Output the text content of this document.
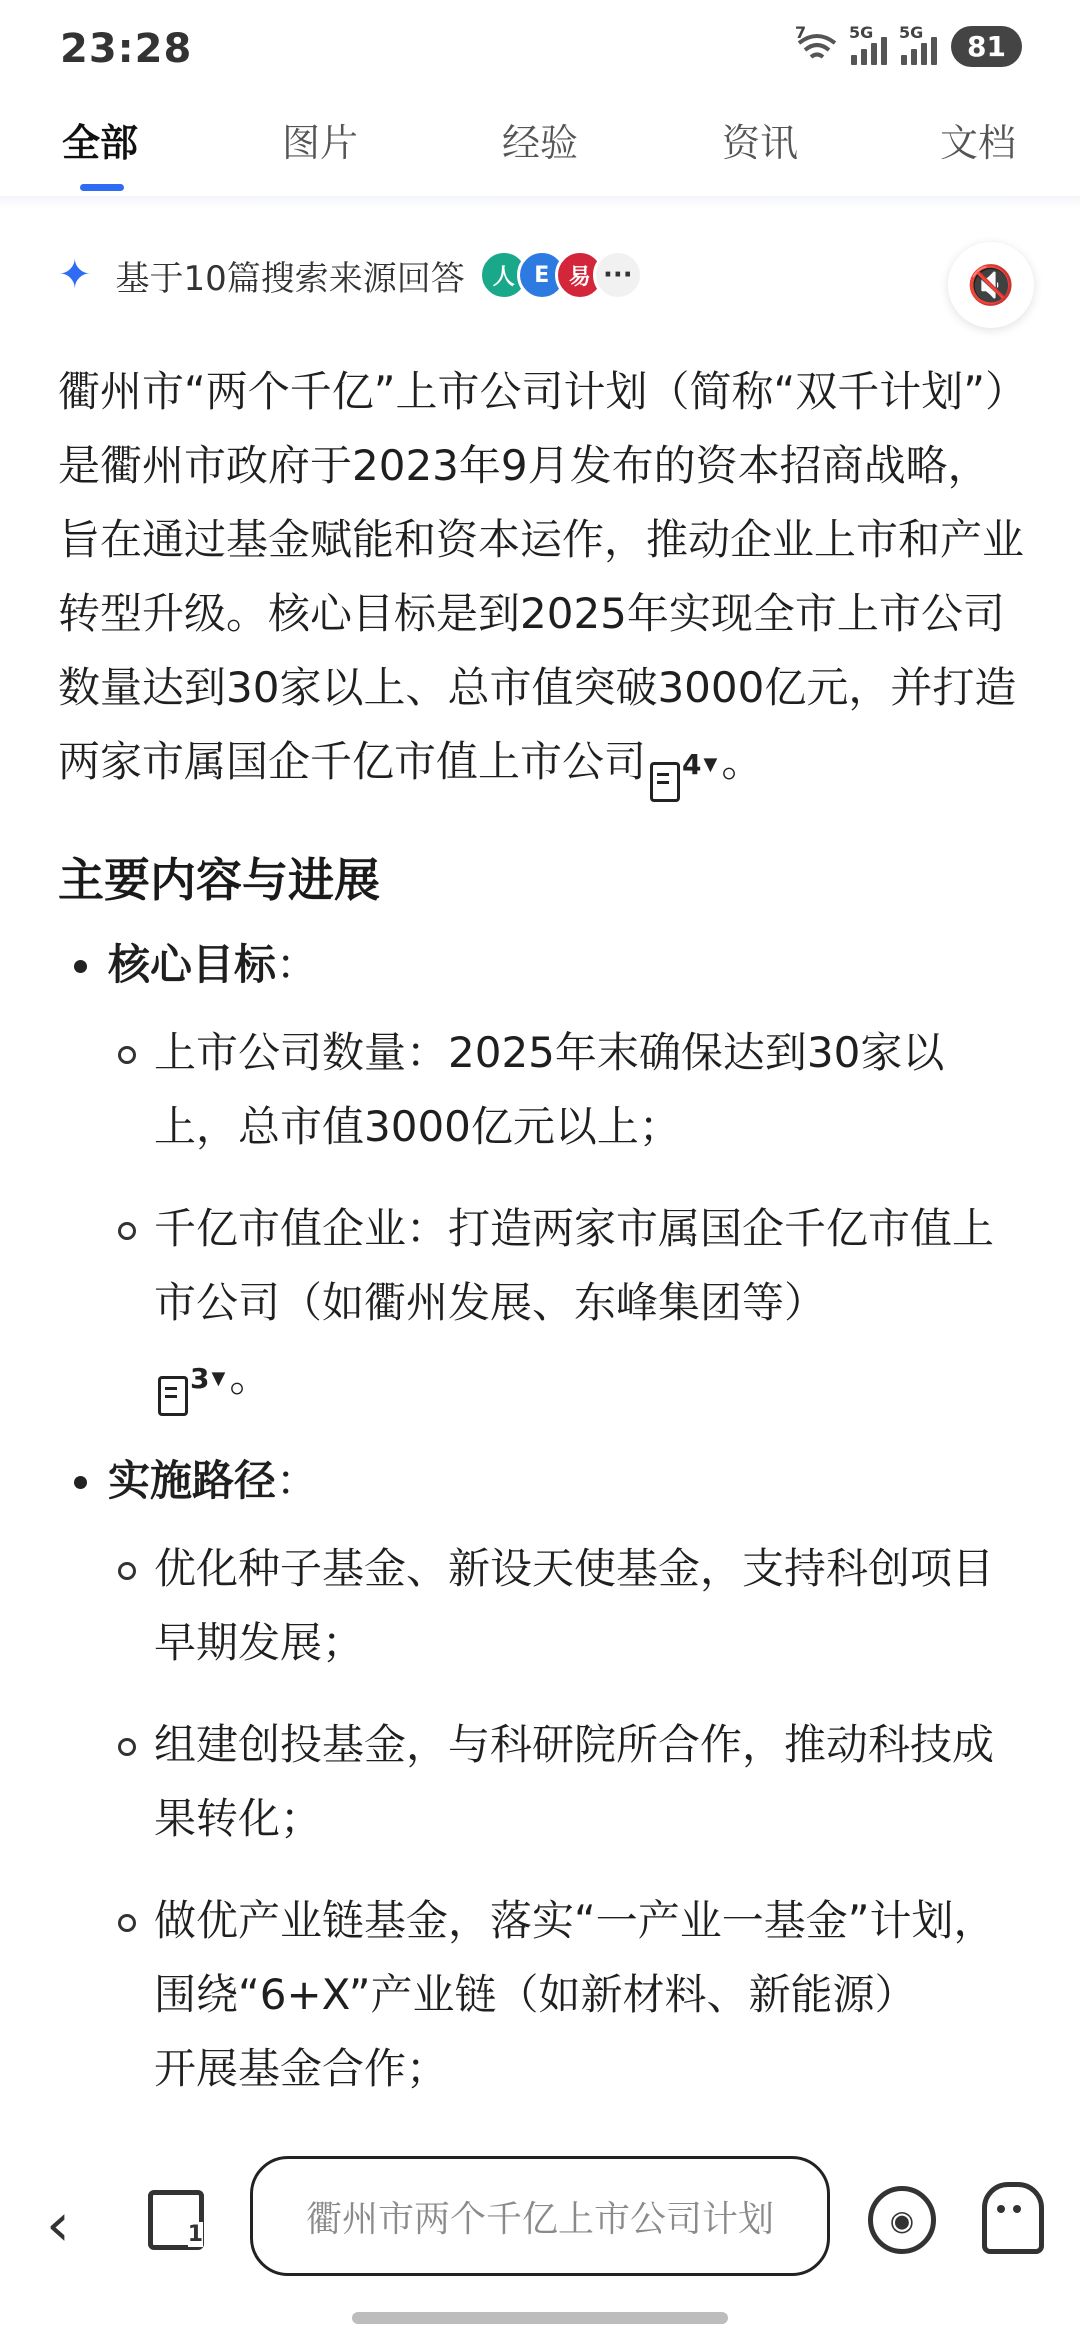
23:28	7	5G 5G	81
全部	图片	经验	资讯	文档
✦ 基于10篇搜索来源回答	人 E 易 ···	🔇

衢州市“两个千亿”上市公司计划（简称“双千计划”）是衢州市政府于2023年9月发布的资本招商战略，旨在通过基金赋能和资本运作，推动企业上市和产业转型升级。核心目标是到2025年实现全市上市公司数量达到30家以上、总市值突破3000亿元，并打造两家市属国企千亿市值上市公司 4 ▼ 。

主要内容与进展

核心目标：

上市公司数量：2025年末确保达到30家以上，总市值3000亿元以上；

千亿市值企业：打造两家市属国企千亿市值上市公司（如衢州发展、东峰集团等）

3 ▼ 。

实施路径：

优化种子基金、新设天使基金，支持科创项目早期发展；

组建创投基金，与科研院所合作，推动科技成果转化；

做优产业链基金，落实“一产业一基金”计划，围绕“6+X”产业链（如新材料、新能源）
开展基金合作；

‹	1	衢州市两个千亿上市公司计划	◉
